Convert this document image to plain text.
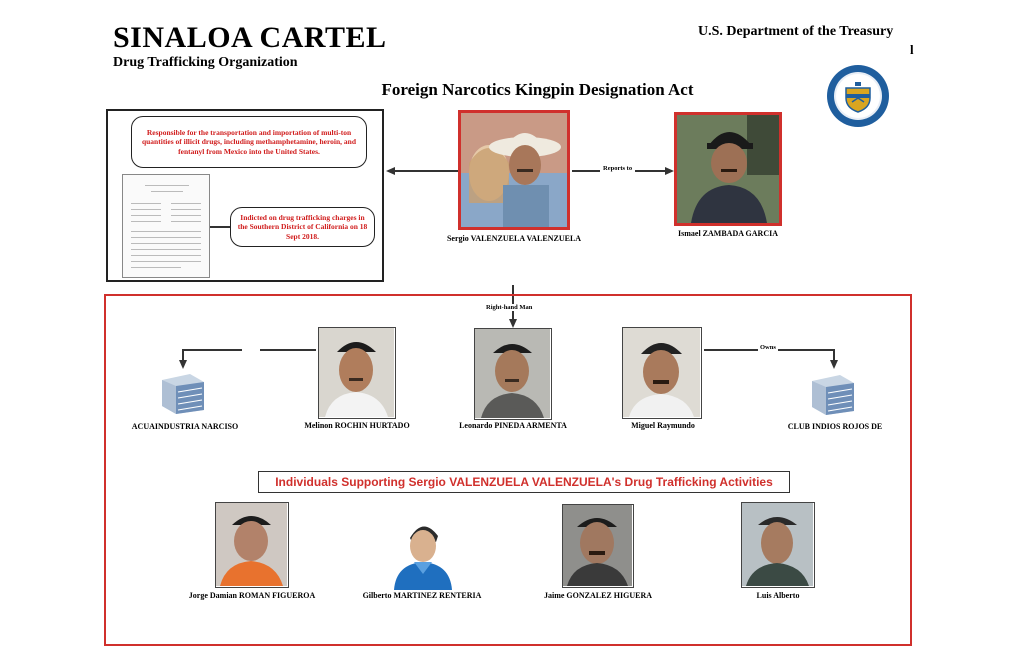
SINALOA CARTEL
Drug Trafficking Organization
U.S. Department of the Treasury
l
Foreign Narcotics Kingpin Designation Act
Responsible for the transportation and importation of multi-ton quantities of illicit drugs, including methamphetamine, heroin, and fentanyl from Mexico into the United States.
Indicted on drug trafficking charges in the Southern District of California on 18 Sept 2018.	Sergio VALENZUELA VALENZUELA
Ismael ZAMBADA GARCIA
Reports to
Right-hand Man
ACUAINDUSTRIA NARCISO	Melinon ROCHIN HURTADO	Leonardo PINEDA ARMENTA	Miguel Raymundo
Owns
CLUB INDIOS ROJOS DE
Individuals Supporting Sergio VALENZUELA VALENZUELA's Drug Trafficking Activities
Jorge Damian ROMAN FIGUEROA	Gilberto MARTINEZ RENTERIA	Jaime GONZALEZ HIGUERA	Luis Alberto
